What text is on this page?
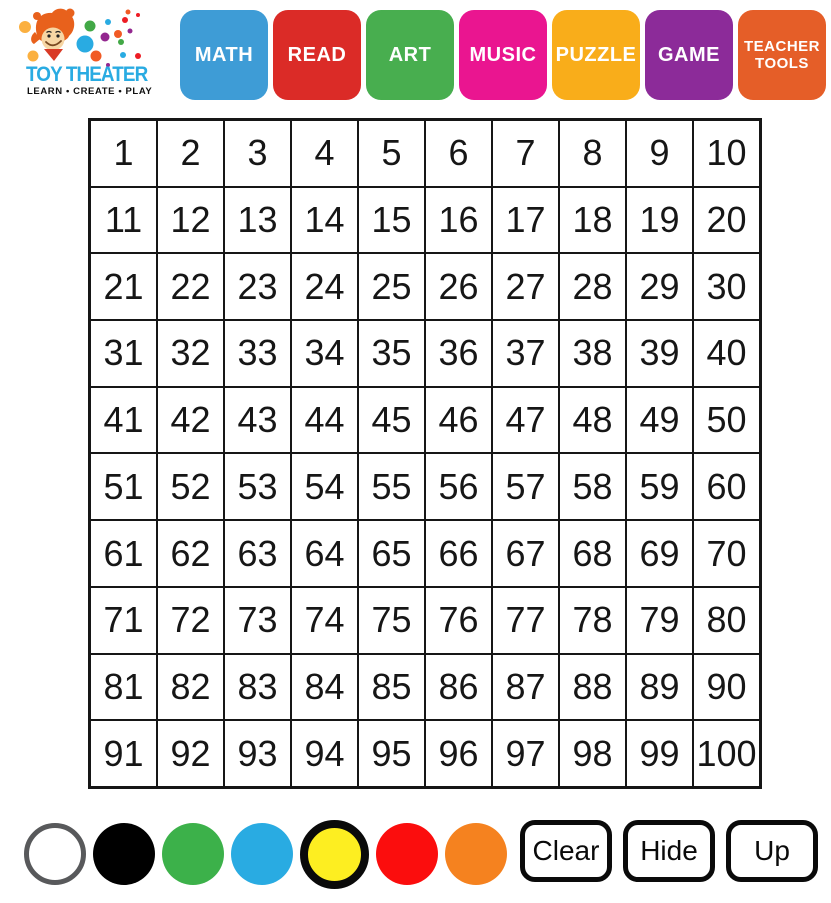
TOY THEATER
LEARN • CREATE • PLAY
MATH	READ	ART	MUSIC PUZZLE	GAME	TEACHER TOOLS
1	2	3	4	5	6	7	8	9	10
11 12 13 14 15 16 17 18 19 20
21 22 23 24 25 26 27 28 29 30
31 32 33 34 35 36 37 38 39 40
41 42 43 44 45 46 47 48 49 50
51 52 53 54 55 56 57 58 59 60
61 62 63 64 65 66 67 68 69 70
71 72 73 74 75 76 77 78 79 80
81 82 83 84 85 86 87 88 89 90
91 92 93 94 95 96 97 98 99 100
Clear	Hide	Up
